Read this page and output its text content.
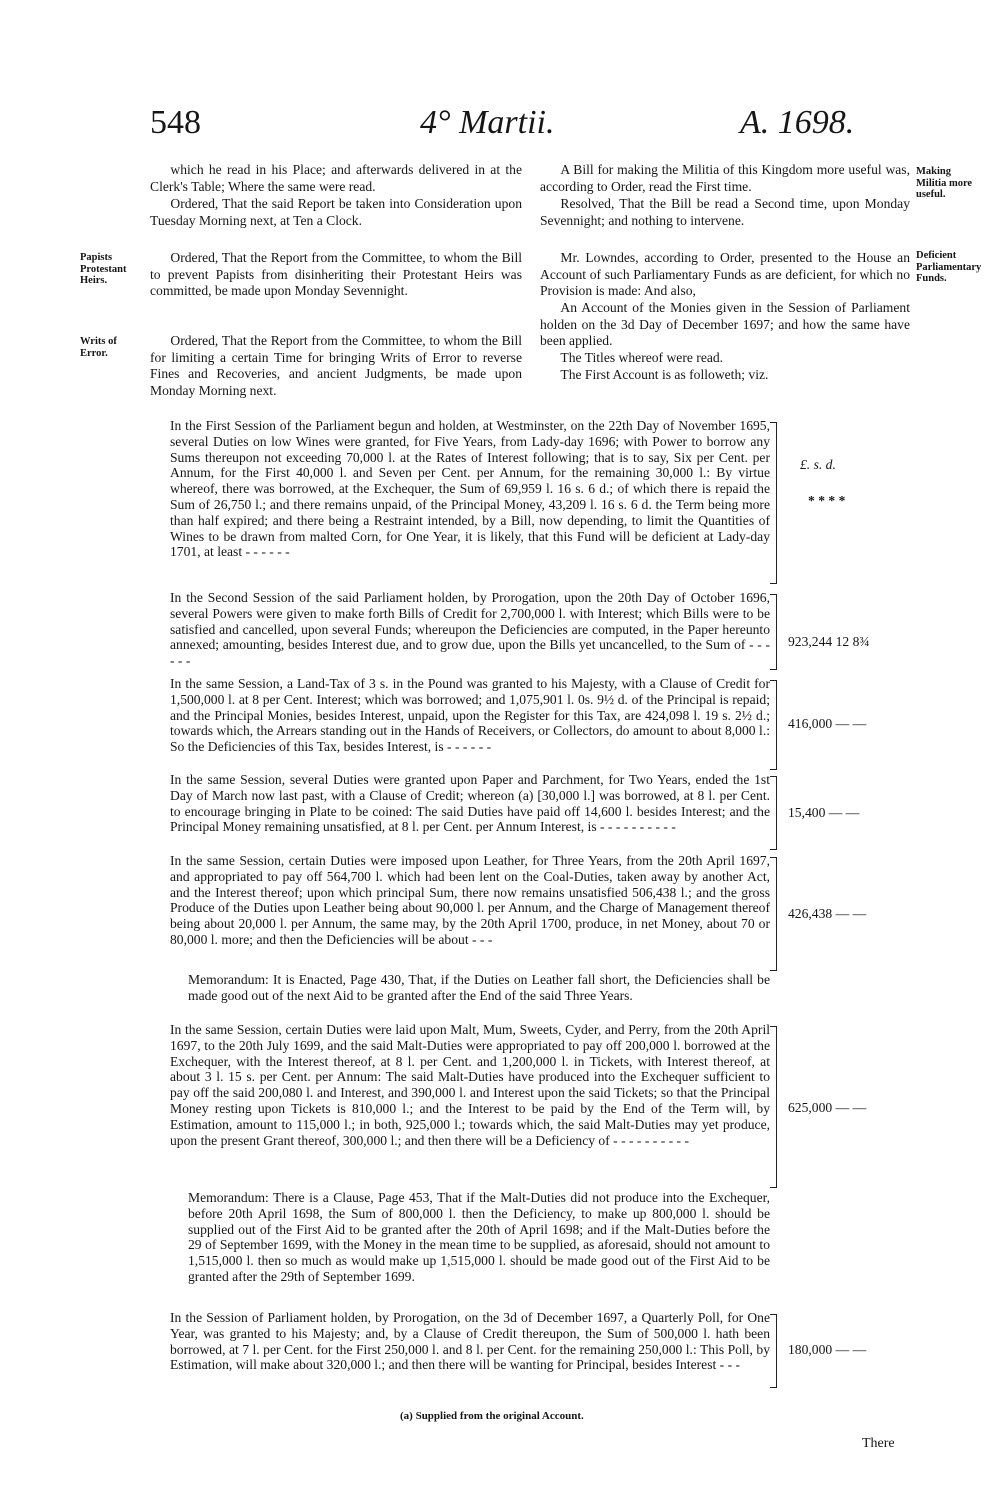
548	4° Martii.	A. 1698.
which he read in his Place; and afterwards delivered in at the Clerk's Table; Where the same were read.
Ordered, That the said Report be taken into Consideration upon Tuesday Morning next, at Ten a Clock.
Ordered, That the Report from the Committee, to whom the Bill to prevent Papists from disinheriting their Protestant Heirs was committed, be made upon Monday Sevennight.
Ordered, That the Report from the Committee, to whom the Bill for limiting a certain Time for bringing Writs of Error to reverse Fines and Recoveries, and ancient Judgments, be made upon Monday Morning next.
Papists Protestant Heirs.
Writs of Error.
A Bill for making the Militia of this Kingdom more useful was, according to Order, read the First time.
Resolved, That the Bill be read a Second time, upon Monday Sevennight; and nothing to intervene.
Mr. Lowndes, according to Order, presented to the House an Account of such Parliamentary Funds as are deficient, for which no Provision is made: And also,
An Account of the Monies given in the Session of Parliament holden on the 3d Day of December 1697; and how the same have been applied.
The Titles whereof were read.
The First Account is as followeth; viz.
Making Militia more useful.
Deficient Parliamentary Funds.
£. s. d.
* * * *
In the First Session of the Parliament begun and holden, at Westminster, on the 22th Day of November 1695, several Duties on low Wines were granted, for Five Years, from Lady-day 1696; with Power to borrow any Sums thereupon not exceeding 70,000 l. at the Rates of Interest following; that is to say, Six per Cent. per Annum, for the First 40,000 l. and Seven per Cent. per Annum, for the remaining 30,000 l.: By virtue whereof, there was borrowed, at the Exchequer, the Sum of 69,959 l. 16 s. 6 d.; of which there is repaid the Sum of 26,750 l.; and there remains unpaid, of the Principal Money, 43,209 l. 16 s. 6 d. the Term being more than half expired; and there being a Restraint intended, by a Bill, now depending, to limit the Quantities of Wines to be drawn from malted Corn, for One Year, it is likely, that this Fund will be deficient at Lady-day 1701, at least - - - - - -
In the Second Session of the said Parliament holden, by Prorogation, upon the 20th Day of October 1696, several Powers were given to make forth Bills of Credit for 2,700,000 l. with Interest; which Bills were to be satisfied and cancelled, upon several Funds; whereupon the Deficiencies are computed, in the Paper hereunto annexed; amounting, besides Interest due, and to grow due, upon the Bills yet uncancelled, to the Sum of - - - - - -
923,244 12 8¾
In the same Session, a Land-Tax of 3 s. in the Pound was granted to his Majesty, with a Clause of Credit for 1,500,000 l. at 8 per Cent. Interest; which was borrowed; and 1,075,901 l. 0s. 9½ d. of the Principal is repaid; and the Principal Monies, besides Interest, unpaid, upon the Register for this Tax, are 424,098 l. 19 s. 2½ d.; towards which, the Arrears standing out in the Hands of Receivers, or Collectors, do amount to about 8,000 l.: So the Deficiencies of this Tax, besides Interest, is - - - - - -
416,000 — —
In the same Session, several Duties were granted upon Paper and Parchment, for Two Years, ended the 1st Day of March now last past, with a Clause of Credit; whereon (a) [30,000 l.] was borrowed, at 8 l. per Cent. to encourage bringing in Plate to be coined: The said Duties have paid off 14,600 l. besides Interest; and the Principal Money remaining unsatisfied, at 8 l. per Cent. per Annum Interest, is - - - - - - - - - -
15,400 — —
In the same Session, certain Duties were imposed upon Leather, for Three Years, from the 20th April 1697, and appropriated to pay off 564,700 l. which had been lent on the Coal-Duties, taken away by another Act, and the Interest thereof; upon which principal Sum, there now remains unsatisfied 506,438 l.; and the gross Produce of the Duties upon Leather being about 90,000 l. per Annum, and the Charge of Management thereof being about 20,000 l. per Annum, the same may, by the 20th April 1700, produce, in net Money, about 70 or 80,000 l. more; and then the Deficiencies will be about - - -
426,438 — —
Memorandum: It is Enacted, Page 430, That, if the Duties on Leather fall short, the Deficiencies shall be made good out of the next Aid to be granted after the End of the said Three Years.
In the same Session, certain Duties were laid upon Malt, Mum, Sweets, Cyder, and Perry, from the 20th April 1697, to the 20th July 1699, and the said Malt-Duties were appropriated to pay off 200,000 l. borrowed at the Exchequer, with the Interest thereof, at 8 l. per Cent. and 1,200,000 l. in Tickets, with Interest thereof, at about 3 l. 15 s. per Cent. per Annum: The said Malt-Duties have produced into the Exchequer sufficient to pay off the said 200,080 l. and Interest, and 390,000 l. and Interest upon the said Tickets; so that the Principal Money resting upon Tickets is 810,000 l.; and the Interest to be paid by the End of the Term will, by Estimation, amount to 115,000 l.; in both, 925,000 l.; towards which, the said Malt-Duties may yet produce, upon the present Grant thereof, 300,000 l.; and then there will be a Deficiency of - - - - - - - - - -
625,000 — —
Memorandum: There is a Clause, Page 453, That if the Malt-Duties did not produce into the Exchequer, before 20th April 1698, the Sum of 800,000 l. then the Deficiency, to make up 800,000 l. should be supplied out of the First Aid to be granted after the 20th of April 1698; and if the Malt-Duties before the 29 of September 1699, with the Money in the mean time to be supplied, as aforesaid, should not amount to 1,515,000 l. then so much as would make up 1,515,000 l. should be made good out of the First Aid to be granted after the 29th of September 1699.
In the Session of Parliament holden, by Prorogation, on the 3d of December 1697, a Quarterly Poll, for One Year, was granted to his Majesty; and, by a Clause of Credit thereupon, the Sum of 500,000 l. hath been borrowed, at 7 l. per Cent. for the First 250,000 l. and 8 l. per Cent. for the remaining 250,000 l.: This Poll, by Estimation, will make about 320,000 l.; and then there will be wanting for Principal, besides Interest - - -
180,000 — —
(a) Supplied from the original Account.
There
